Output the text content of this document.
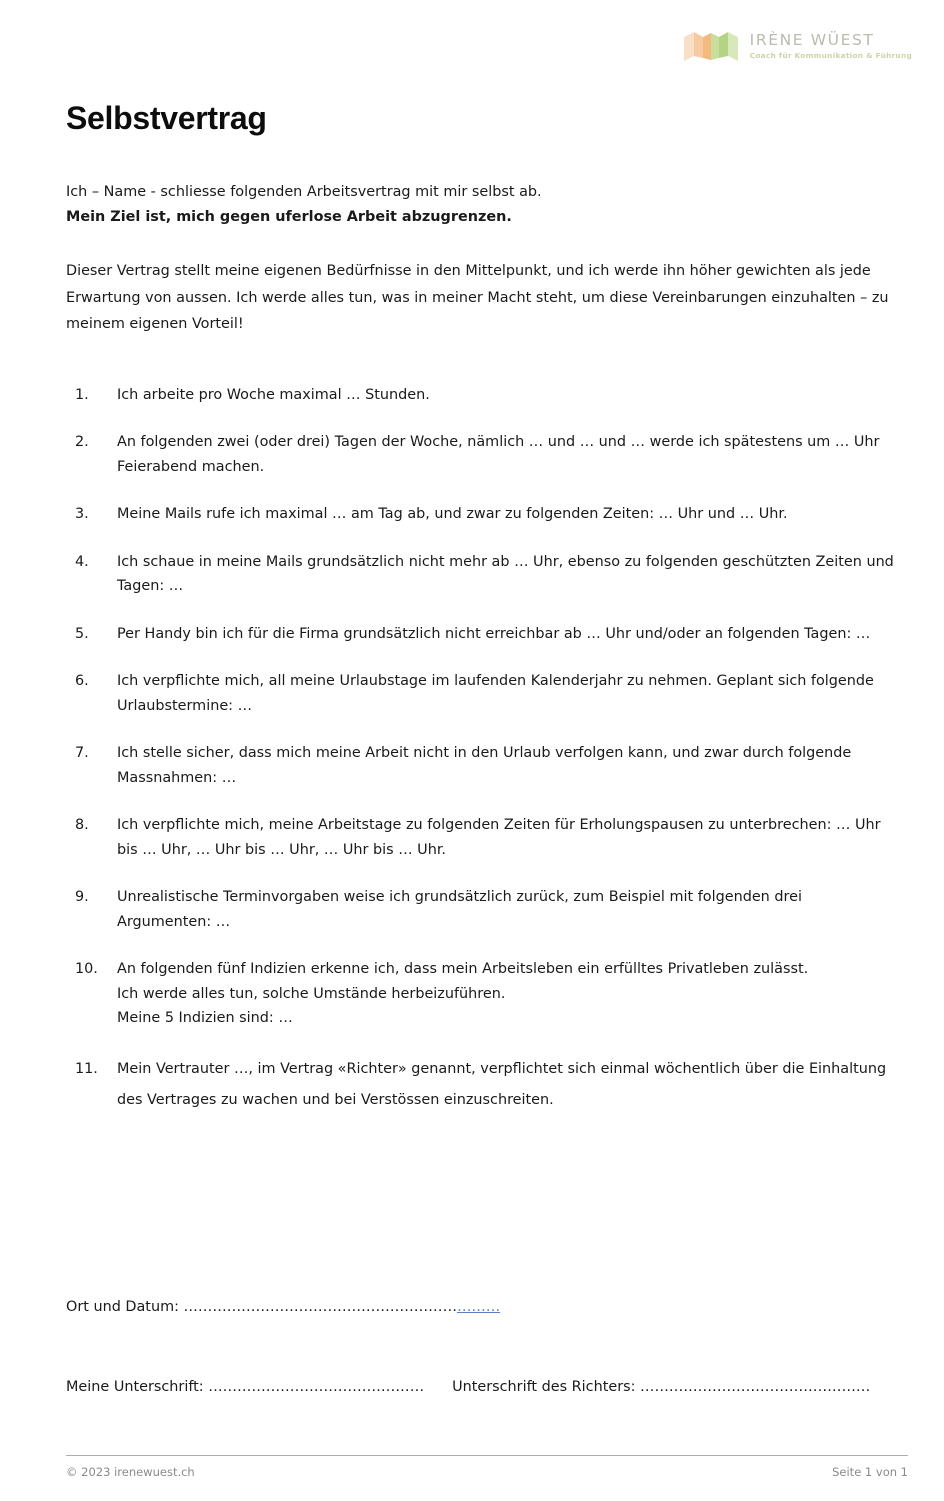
IRÈNE WÜEST
Coach für Kommunikation & Führung
Selbstvertrag

Ich – Name - schliesse folgenden Arbeitsvertrag mit mir selbst ab.

Mein Ziel ist, mich gegen uferlose Arbeit abzugrenzen.

Dieser Vertrag stellt meine eigenen Bedürfnisse in den Mittelpunkt, und ich werde ihn höher gewichten als jede Erwartung von aussen. Ich werde alles tun, was in meiner Macht steht, um diese Vereinbarungen einzuhalten – zu meinem eigenen Vorteil!

1.	Ich arbeite pro Woche maximal … Stunden.
2.	An folgenden zwei (oder drei) Tagen der Woche, nämlich … und … und … werde ich spätestens um … Uhr Feierabend machen.
3.	Meine Mails rufe ich maximal … am Tag ab, und zwar zu folgenden Zeiten: … Uhr und … Uhr.
4.	Ich schaue in meine Mails grundsätzlich nicht mehr ab … Uhr, ebenso zu folgenden geschützten Zeiten und Tagen: …
5.	Per Handy bin ich für die Firma grundsätzlich nicht erreichbar ab … Uhr und/oder an folgenden Tagen: …
6.	Ich verpflichte mich, all meine Urlaubstage im laufenden Kalenderjahr zu nehmen. Geplant sich folgende Urlaubstermine: …
7.	Ich stelle sicher, dass mich meine Arbeit nicht in den Urlaub verfolgen kann, und zwar durch folgende Massnahmen: …
8.	Ich verpflichte mich, meine Arbeitstage zu folgenden Zeiten für Erholungspausen zu unterbrechen: … Uhr bis … Uhr, … Uhr bis … Uhr, … Uhr bis … Uhr.
9.	Unrealistische Terminvorgaben weise ich grundsätzlich zurück, zum Beispiel mit folgenden drei Argumenten: …
10.	An folgenden fünf Indizien erkenne ich, dass mein Arbeitsleben ein erfülltes Privatleben zulässt.
Ich werde alles tun, solche Umstände herbeizuführen.
Meine 5 Indizien sind: …
11.	Mein Vertrauter …, im Vertrag «Richter» genannt, verpflichtet sich einmal wöchentlich über die Einhaltung des Vertrages zu wachen und bei Verstössen einzuschreiten.
Ort und Datum: …………………………………………………………
Meine Unterschrift: ……………………………………… Unterschrift des Richters: …………………………………………
© 2023 irenewuest.ch	Seite 1 von 1
